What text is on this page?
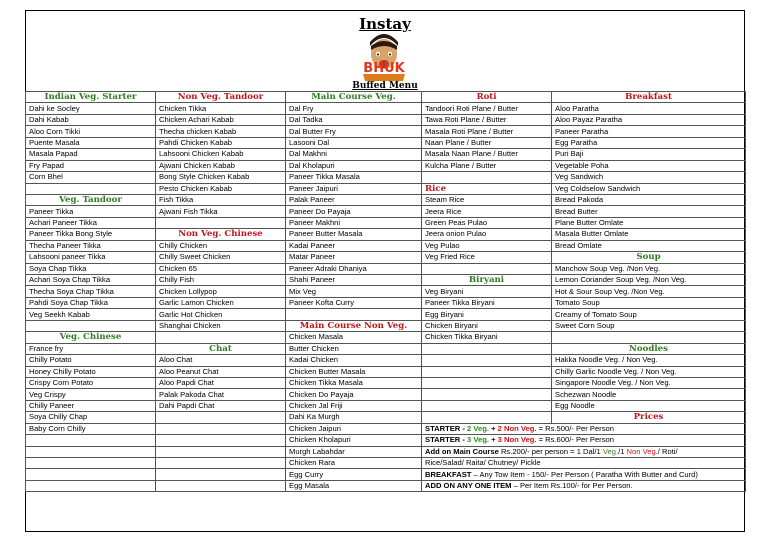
Instay
BHUK
Buffed Menu
Indian Veg. Starter	Non Veg. Tandoor	Main Course Veg.	Roti	Breakfast
Dahi ke Socley	Chicken Tikka	Dal Fry	Tandoori Roti Plane / Butter	Aloo Paratha
Dahi Kabab	Chicken Achari Kabab	Dal Tadka	Tawa Roti Plane / Butter	Aloo Payaz Paratha
Aloo Corn Tikki	Thecha chicken Kabab	Dal Butter Fry	Masala Roti Plane / Butter	Paneer Paratha
Puente Masala	Pahdi Chicken Kabab	Lasooni Dal	Naan Plane / Butter	Egg Paratha
Masala Papad	Lahsooni Chicken Kabab	Dal Makhni	Masala Naan Plane / Butter	Puri Baji
Fry Papad	Ajwani Chicken Kabab	Dal Kholapuri	Kulcha Plane / Butter	Vegetable Poha
Corn Bhel	Bong Style Chicken Kabab	Paneer Tikka Masala		Veg Sandwich
	Pesto Chicken Kabab	Paneer Jaipuri	Rice	Veg Coldselow Sandwich
Veg. Tandoor	Fish Tikka	Palak Paneer	Steam Rice	Bread Pakoda
Paneer Tikka	Ajwani Fish Tikka	Paneer Do Payaja	Jeera Rice	Bread Butter
Achari Paneer Tikka		Paneer Makhni	Green Peas Pulao	Plane Butter Omlate
Paneer Tikka Bong Style	Non Veg. Chinese	Paneer Butter Masala	Jeera onion Pulao	Masala Butter Omlate
Thecha Paneer Tikka	Chilly Chicken	Kadai Paneer	Veg Pulao	Bread Omlate
Lahsooni paneer Tikka	Chilly Sweet Chicken	Matar Paneer	Veg Fried Rice	Soup
Soya Chap Tikka	Chicken 65	Paneer Adraki Dhaniya		Manchow Soup Veg. /Non Veg.
Achari Soya Chap Tikka	Chilly Fish	Shahi Paneer	Biryani	Lemon Coriander Soup Veg. /Non Veg.
Thecha Soya Chap Tikka	Chicken Lollypop	Mix Veg	Veg Biryani	Hot & Sour Soup Veg. /Non Veg.
Pahdi Soya Chap Tikka	Garlic Lamon Chicken	Paneer Kofta Curry	Paneer Tikka Biryani	Tomato Soup
Veg Seekh Kabab	Garlic Hot Chicken		Egg Biryani	Creamy of Tomato Soup
	Shanghai Chicken	Main Course Non Veg.	Chicken Biryani	Sweet Corn Soup
Veg. Chinese		Chicken Masala	Chicken Tikka Biryani	
France fry	Chat	Butter Chicken		Noodles
Chilly Potato	Aloo Chat	Kadai Chicken		Hakka Noodle Veg. / Non Veg.
Honey Chilly Potato	Aloo Peanut Chat	Chicken Butter Masala		Chilly Garlic Noodle Veg. / Non Veg.
Crispy Corn Potato	Aloo Papdi Chat	Chicken Tikka Masala		Singapore Noodle Veg. / Non Veg.
Veg Crispy	Palak Pakoda Chat	Chicken Do Payaja		Schezwan Noodle
Chilly Paneer	Dahi Papdi Chat	Chicken Jal Friji		Egg Noodle
Soya Chilly Chap		Dahi Ka Murgh		Prices
Baby Corn Chilly		Chicken Jaipuri	STARTER - 2 Veg. + 2 Non Veg. = Rs.500/- Per Person	
		Chicken Kholapuri	STARTER - 3 Veg. + 3 Non Veg. = Rs.600/- Per Person	
		Murgh Labahdar	Add on Main Course Rs.200/- per person = 1 Dal/1 Veg./1 Non Veg./ Roti/	
		Chicken Rara	Rice/Salad/ Raita/ Chutney/ Pickle	
		Egg Curry	BREAKFAST – Any Tow Item - 150/- Per Person ( Paratha With Butter and Curd)	
		Egg Masala	ADD ON ANY ONE ITEM – Per Item Rs.100/- for Per Person.	
